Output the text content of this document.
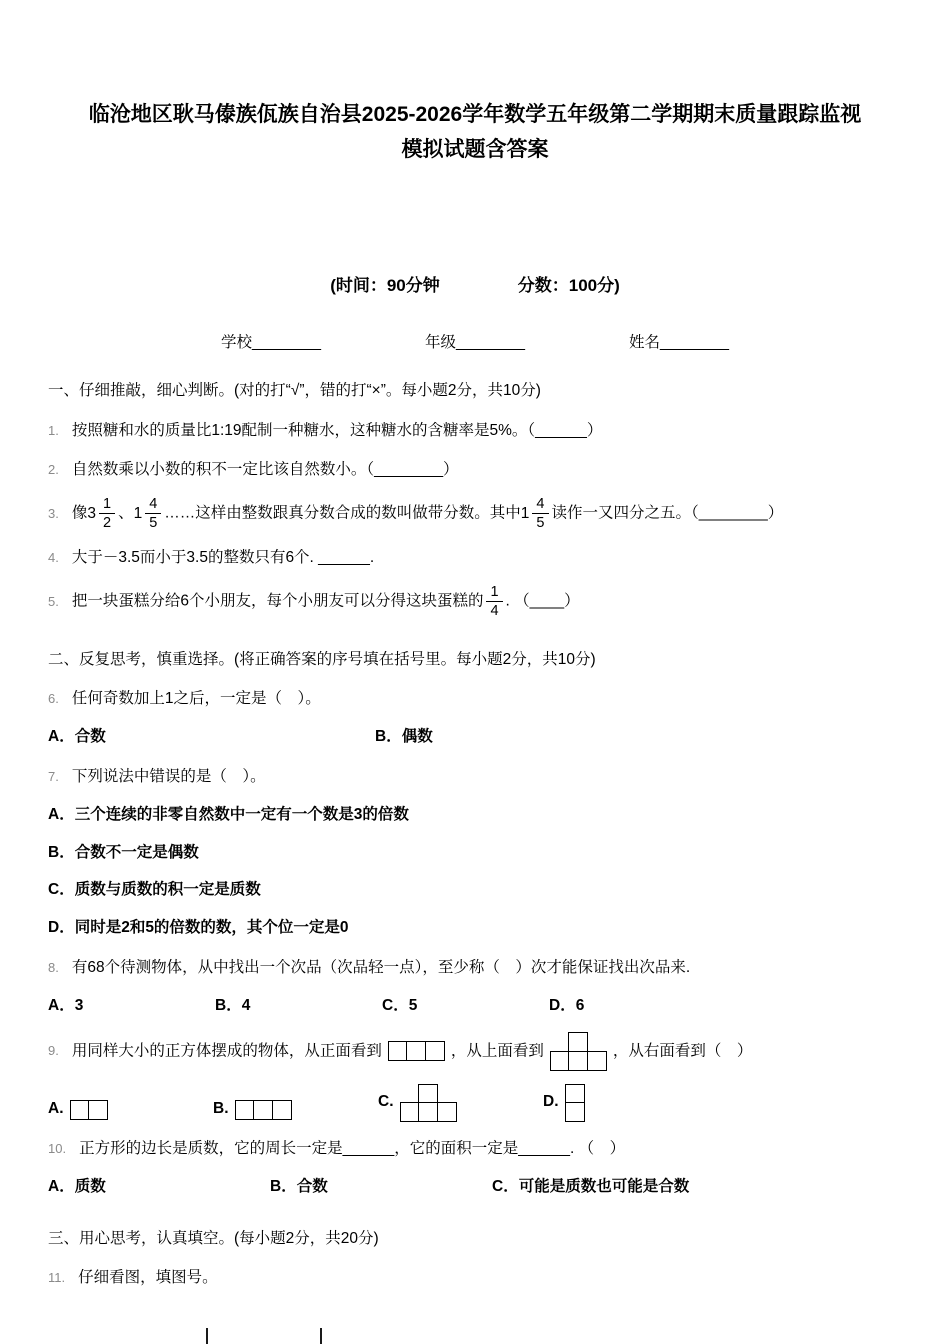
临沧地区耿马傣族佤族自治县2025-2026学年数学五年级第二学期期末质量跟踪监视
模拟试题含答案
(时间：90分钟	分数：100分)
学校________	年级________	姓名________
一、仔细推敲，细心判断。(对的打“√”，错的打“×”。每小题2分，共10分)
1. 按照糖和水的质量比1:19配制一种糖水，这种糖水的含糖率是5%。（______）
2. 自然数乘以小数的积不一定比该自然数小。（________）
3. 像 $3 \frac{1}{2}$ 、 $1 \frac{4}{5}$ ……这样由整数跟真分数合成的数叫做带分数。其中 $1 \frac{4}{5}$ 读作一又四分之五。（________）
4. 大于－3.5而小于3.5的整数只有6个. ______.
5. 把一块蛋糕分给6个小朋友，每个小朋友可以分得这块蛋糕的 $\frac{1}{4}$ . （____）
二、反复思考，慎重选择。(将正确答案的序号填在括号里。每小题2分，共10分)
6. 任何奇数加上1之后，一定是（　）。
A．合数	B．偶数
7. 下列说法中错误的是（　）。
A．三个连续的非零自然数中一定有一个数是3的倍数
B．合数不一定是偶数
C．质数与质数的积一定是质数
D．同时是2和5的倍数的数，其个位一定是0
8. 有68个待测物体，从中找出一个次品（次品轻一点），至少称（　）次才能保证找出次品来.
A．3	B．4	C．5	D．6
9. 用同样大小的正方体摆成的物体，从正面看到	，从上面看到	，从右面看到（　）
A.	B.	C.	D.
10. 正方形的边长是质数，它的周长一定是______，它的面积一定是______. （　）
A．质数	B．合数	C．可能是质数也可能是合数
三、用心思考，认真填空。(每小题2分，共20分)
11. 仔细看图，填图号。
